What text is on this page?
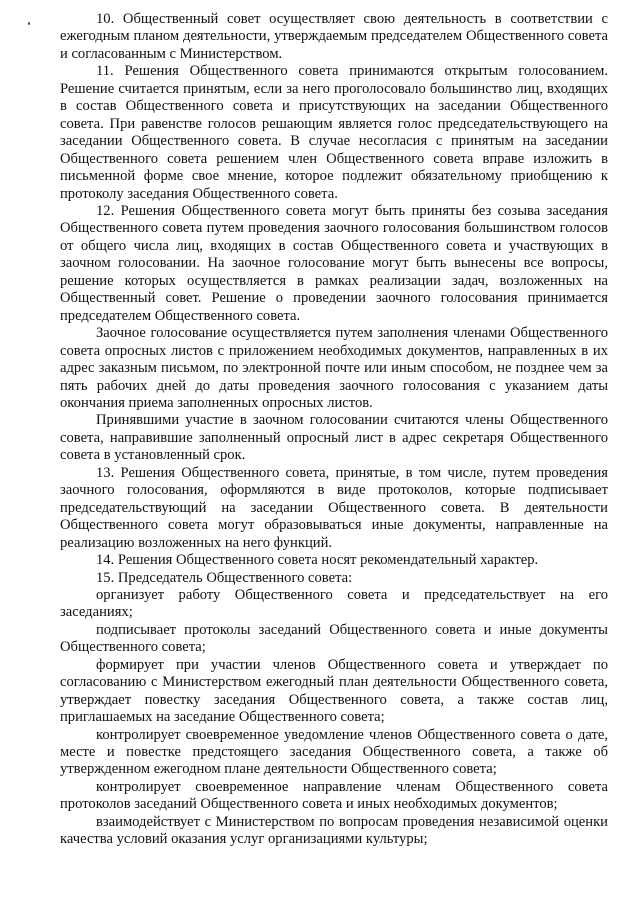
10. Общественный совет осуществляет свою деятельность в соответствии с ежегодным планом деятельности, утверждаемым председателем Общественного совета и согласованным с Министерством.

11. Решения Общественного совета принимаются открытым голосованием. Решение считается принятым, если за него проголосовало большинство лиц, входящих в состав Общественного совета и присутствующих на заседании Общественного совета. При равенстве голосов решающим является голос председательствующего на заседании Общественного совета. В случае несогласия с принятым на заседании Общественного совета решением член Общественного совета вправе изложить в письменной форме свое мнение, которое подлежит обязательному приобщению к протоколу заседания Общественного совета.

12. Решения Общественного совета могут быть приняты без созыва заседания Общественного совета путем проведения заочного голосования большинством голосов от общего числа лиц, входящих в состав Общественного совета и участвующих в заочном голосовании. На заочное голосование могут быть вынесены все вопросы, решение которых осуществляется в рамках реализации задач, возложенных на Общественный совет. Решение о проведении заочного голосования принимается председателем Общественного совета.

Заочное голосование осуществляется путем заполнения членами Общественного совета опросных листов с приложением необходимых документов, направленных в их адрес заказным письмом, по электронной почте или иным способом, не позднее чем за пять рабочих дней до даты проведения заочного голосования с указанием даты окончания приема заполненных опросных листов.

Принявшими участие в заочном голосовании считаются члены Общественного совета, направившие заполненный опросный лист в адрес секретаря Общественного совета в установленный срок.

13. Решения Общественного совета, принятые, в том числе, путем проведения заочного голосования, оформляются в виде протоколов, которые подписывает председательствующий на заседании Общественного совета. В деятельности Общественного совета могут образовываться иные документы, направленные на реализацию возложенных на него функций.

14. Решения Общественного совета носят рекомендательный характер.

15. Председатель Общественного совета:

организует работу Общественного совета и председательствует на его заседаниях;

подписывает протоколы заседаний Общественного совета и иные документы Общественного совета;

формирует при участии членов Общественного совета и утверждает по согласованию с Министерством ежегодный план деятельности Общественного совета, утверждает повестку заседания Общественного совета, а также состав лиц, приглашаемых на заседание Общественного совета;

контролирует своевременное уведомление членов Общественного совета о дате, месте и повестке предстоящего заседания Общественного совета, а также об утвержденном ежегодном плане деятельности Общественного совета;

контролирует своевременное направление членам Общественного совета протоколов заседаний Общественного совета и иных необходимых документов;

взаимодействует с Министерством по вопросам проведения независимой оценки качества условий оказания услуг организациями культуры;
